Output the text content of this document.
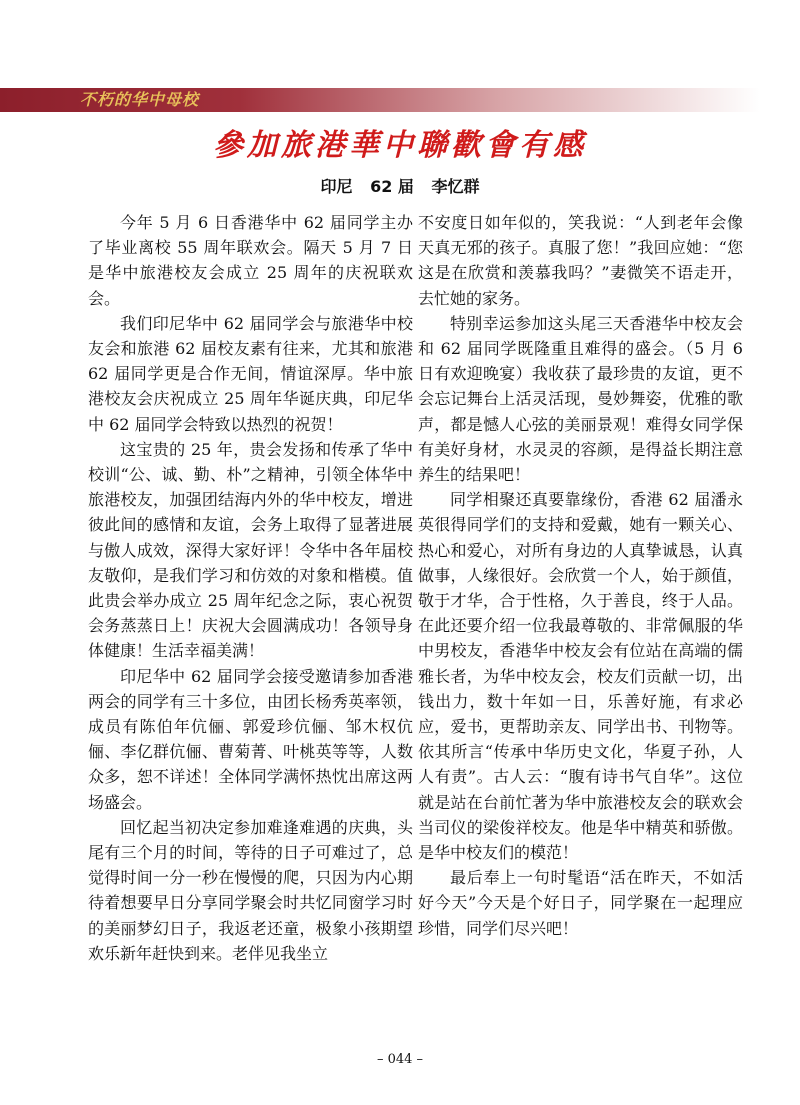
不朽的华中母校
參加旅港華中聯歡會有感
印尼 62 届 李忆群

今年 5 月 6 日香港华中 62 届同学主办了毕业离校 55 周年联欢会。隔天 5 月 7 日是华中旅港校友会成立 25 周年的庆祝联欢会。

我们印尼华中 62 届同学会与旅港华中校友会和旅港 62 届校友素有往来，尤其和旅港 62 届同学更是合作无间，情谊深厚。华中旅港校友会庆祝成立 25 周年华诞庆典，印尼华中 62 届同学会特致以热烈的祝贺！

这宝贵的 25 年，贵会发扬和传承了华中校训“公、诚、勤、朴”之精神，引领全体华中旅港校友，加强团结海内外的华中校友，增进彼此间的感情和友谊，会务上取得了显著进展与傲人成效，深得大家好评！令华中各年届校友敬仰，是我们学习和仿效的对象和楷模。值此贵会举办成立 25 周年纪念之际，衷心祝贺会务蒸蒸日上！庆祝大会圆满成功！各领导身体健康！生活幸福美满！

印尼华中 62 届同学会接受邀请参加香港两会的同学有三十多位，由团长杨秀英率领，成员有陈伯年伉俪、郭爱珍伉俪、邹木权伉俪、李亿群伉俪、曹菊菁、叶桃英等等，人数众多，恕不详述！全体同学满怀热忱出席这两场盛会。

回忆起当初决定参加难逢难遇的庆典，头尾有三个月的时间，等待的日子可难过了，总觉得时间一分一秒在慢慢的爬，只因为内心期待着想要早日分享同学聚会时共忆同窗学习时的美丽梦幻日子，我返老还童，极象小孩期望欢乐新年赶快到来。老伴见我坐立

不安度日如年似的，笑我说：“人到老年会像天真无邪的孩子。真服了您！”我回应她：“您这是在欣赏和羡慕我吗？”妻微笑不语走开，去忙她的家务。

特别幸运参加这头尾三天香港华中校友会和 62 届同学既隆重且难得的盛会。（5 月 6 日有欢迎晚宴）我收获了最珍贵的友谊，更不会忘记舞台上活灵活现，曼妙舞姿，优雅的歌声，都是憾人心弦的美丽景观！难得女同学保有美好身材，水灵灵的容颜，是得益长期注意养生的结果吧！

同学相聚还真要靠缘份，香港 62 届潘永英很得同学们的支持和爱戴，她有一颗关心、热心和爱心，对所有身边的人真挚诚恳，认真做事，人缘很好。会欣赏一个人，始于颜值，敬于才华，合于性格，久于善良，终于人品。在此还要介绍一位我最尊敬的、非常佩服的华中男校友，香港华中校友会有位站在高端的儒雅长者，为华中校友会，校友们贡献一切，出钱出力，数十年如一日，乐善好施，有求必应，爱书，更帮助亲友、同学出书、刊物等。依其所言“传承中华历史文化，华夏子孙，人人有责”。古人云：“腹有诗书气自华”。这位就是站在台前忙著为华中旅港校友会的联欢会当司仪的梁俊祥校友。他是华中精英和骄傲。是华中校友们的模范！

最后奉上一句时髦语“活在昨天，不如活好今天”今天是个好日子，同学聚在一起理应珍惜，同学们尽兴吧！

– 044 –
